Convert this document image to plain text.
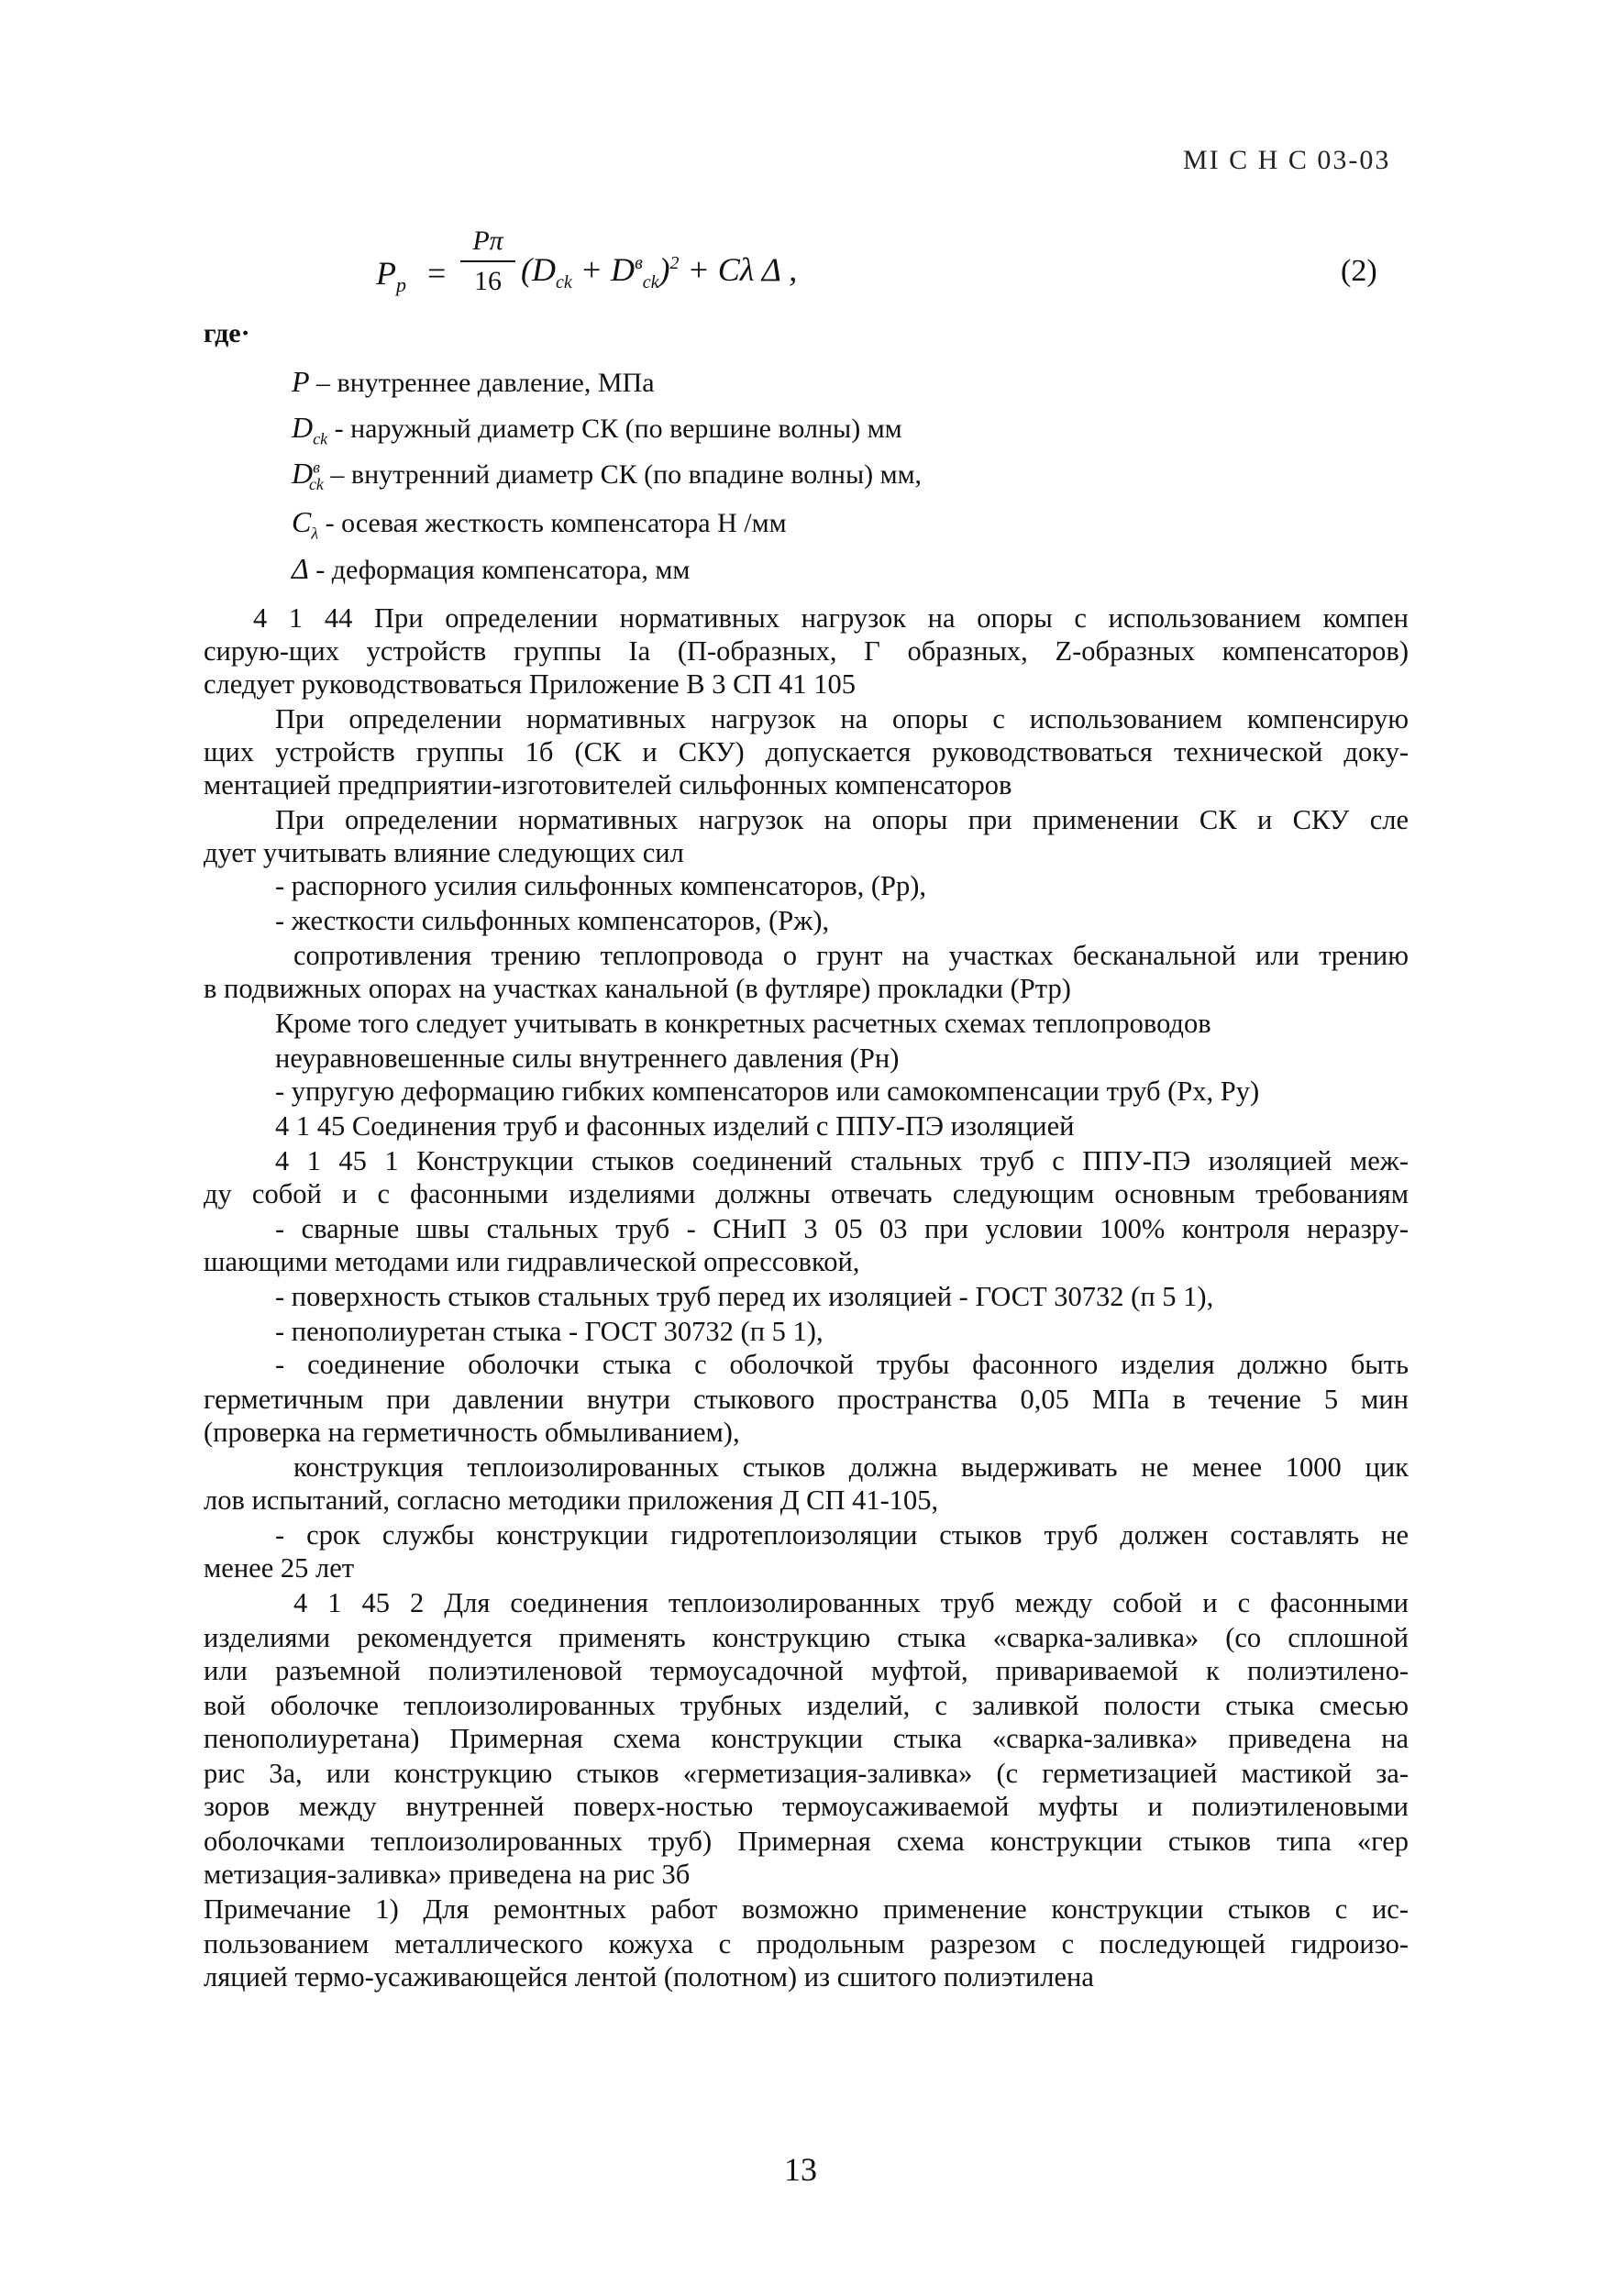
МI С Н С 03-03
$P_p$ =
Pπ
16 $(D_{ck} + D^в_{ck})^2 + C\lambda$ Δ ,	(2)
где·
P – внутреннее давление, МПа
$D_{ck}$ - наружный диаметр СК (по вершине волны) мм
$D^в_{ck}$ – внутренний диаметр СК (по впадине волны) мм,
$C_\lambda$ - осевая жесткость компенсатора Н /мм
Δ - деформация компенсатора, мм
4 1 44 При определении нормативных нагрузок на опоры с использованием компен
сирую-щих устройств группы Iа (П-образных, Г образных, Z-образных компенсаторов)
следует руководствоваться Приложение В 3 СП 41 105
При определении нормативных нагрузок на опоры с использованием компенсирую
щих устройств группы 1б (СК и СКУ) допускается руководствоваться технической доку-
ментацией предприятии-изготовителей сильфонных компенсаторов
При определении нормативных нагрузок на опоры при применении СК и СКУ сле
дует учитывать влияние следующих сил
- распорного усилия сильфонных компенсаторов, (Pр),
- жесткости сильфонных компенсаторов, (Pж),
сопротивления трению теплопровода о грунт на участках бесканальной или трению
в подвижных опорах на участках канальной (в футляре) прокладки (Pтр)
Кроме того следует учитывать в конкретных расчетных схемах теплопроводов
неуравновешенные силы внутреннего давления (Pн)
- упругую деформацию гибких компенсаторов или самокомпенсации труб (Pх, Pу)
4 1 45 Соединения труб и фасонных изделий с ППУ-ПЭ изоляцией
4 1 45 1 Конструкции стыков соединений стальных труб с ППУ-ПЭ изоляцией меж-
ду собой и с фасонными изделиями должны отвечать следующим основным требованиям
- сварные швы стальных труб - СНиП 3 05 03 при условии 100% контроля неразру-
шающими методами или гидравлической опрессовкой,
- поверхность стыков стальных труб перед их изоляцией - ГОСТ 30732 (п 5 1),
- пенополиуретан стыка - ГОСТ 30732 (п 5 1),
- соединение оболочки стыка с оболочкой трубы фасонного изделия должно быть
герметичным при давлении внутри стыкового пространства 0,05 МПа в течение 5 мин
(проверка на герметичность обмыливанием),
конструкция теплоизолированных стыков должна выдерживать не менее 1000 цик
лов испытаний, согласно методики приложения Д СП 41-105,
- срок службы конструкции гидротеплоизоляции стыков труб должен составлять не
менее 25 лет
4 1 45 2 Для соединения теплоизолированных труб между собой и с фасонными
изделиями рекомендуется применять конструкцию стыка «сварка-заливка» (со сплошной
или разъемной полиэтиленовой термоусадочной муфтой, привариваемой к полиэтилено-
вой оболочке теплоизолированных трубных изделий, с заливкой полости стыка смесью
пенополиуретана) Примерная схема конструкции стыка «сварка-заливка» приведена на
рис 3а, или конструкцию стыков «герметизация-заливка» (с герметизацией мастикой за-
зоров между внутренней поверх-ностью термоусаживаемой муфты и полиэтиленовыми
оболочками теплоизолированных труб) Примерная схема конструкции стыков типа «гер
метизация-заливка» приведена на рис 3б
Примечание 1) Для ремонтных работ возможно применение конструкции стыков с ис-
пользованием металлического кожуха с продольным разрезом с последующей гидроизо-
ляцией термо-усаживающейся лентой (полотном) из сшитого полиэтилена
13
